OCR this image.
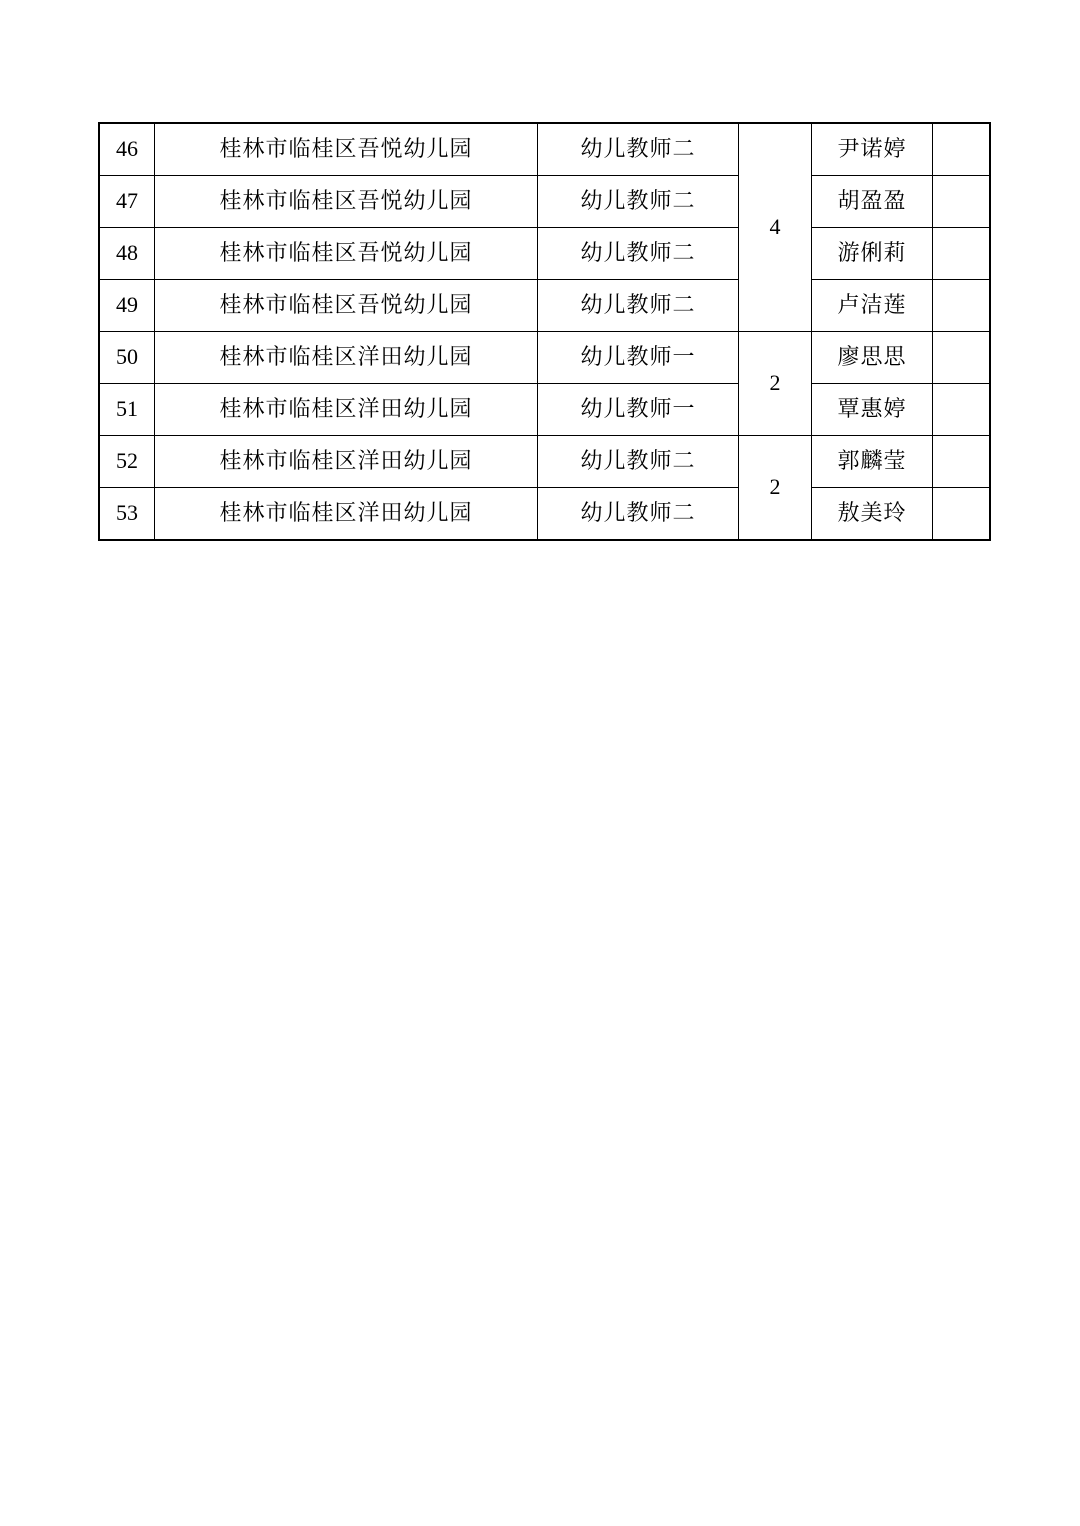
46	桂林市临桂区吾悦幼儿园	幼儿教师二	4	尹诺婷	
47	桂林市临桂区吾悦幼儿园	幼儿教师二		胡盈盈	
48	桂林市临桂区吾悦幼儿园	幼儿教师二		游俐莉	
49	桂林市临桂区吾悦幼儿园	幼儿教师二		卢洁莲	
50	桂林市临桂区洋田幼儿园	幼儿教师一	2	廖思思	
51	桂林市临桂区洋田幼儿园	幼儿教师一		覃惠婷	
52	桂林市临桂区洋田幼儿园	幼儿教师二	2	郭麟莹	
53	桂林市临桂区洋田幼儿园	幼儿教师二		敖美玲	
